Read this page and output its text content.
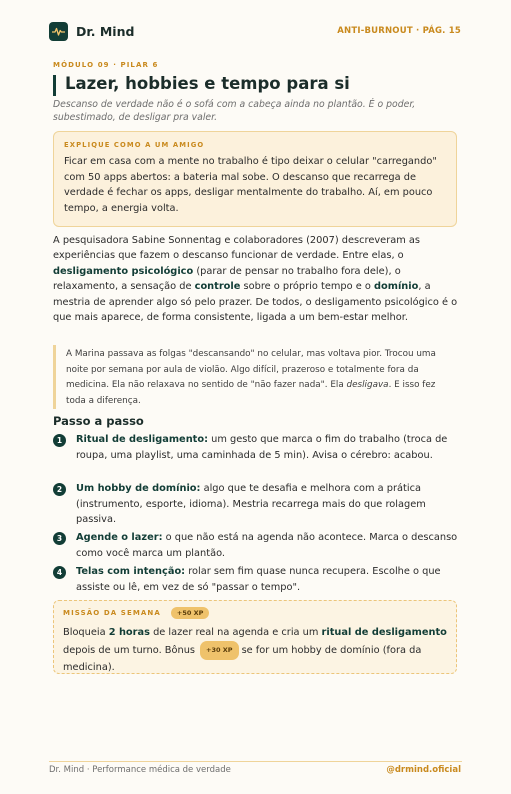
Dr. Mind	ANTI-BURNOUT · PÁG. 15
MÓDULO 09 · PILAR 6
Lazer, hobbies e tempo para si

Descanso de verdade não é o sofá com a cabeça ainda no plantão. É o poder, subestimado, de desligar pra valer.

EXPLIQUE COMO A UM AMIGO

Ficar em casa com a mente no trabalho é tipo deixar o celular "carregando" com 50 apps abertos: a bateria mal sobe. O descanso que recarrega de verdade é fechar os apps, desligar mentalmente do trabalho. Aí, em pouco tempo, a energia volta.

A pesquisadora Sabine Sonnentag e colaboradores (2007) descreveram as experiências que fazem o descanso funcionar de verdade. Entre elas, o desligamento psicológico (parar de pensar no trabalho fora dele), o relaxamento, a sensação de controle sobre o próprio tempo e o domínio, a mestria de aprender algo só pelo prazer. De todos, o desligamento psicológico é o que mais aparece, de forma consistente, ligada a um bem-estar melhor.

A Marina passava as folgas "descansando" no celular, mas voltava pior. Trocou uma noite por semana por aula de violão. Algo difícil, prazeroso e totalmente fora da medicina. Ela não relaxava no sentido de "não fazer nada". Ela desligava. E isso fez toda a diferença.
Passo a passo
1	Ritual de desligamento: um gesto que marca o fim do trabalho (troca de roupa, uma playlist, uma caminhada de 5 min). Avisa o cérebro: acabou.

2	Um hobby de domínio: algo que te desafia e melhora com a prática (instrumento, esporte, idioma). Mestria recarrega mais do que rolagem passiva.

3	Agende o lazer: o que não está na agenda não acontece. Marca o descanso como você marca um plantão.

4	Telas com intenção: rolar sem fim quase nunca recupera. Escolhe o que assiste ou lê, em vez de só "passar o tempo".

MISSÃO DA SEMANA	+50 XP

Bloqueia 2 horas de lazer real na agenda e cria um ritual de desligamento depois de um turno. Bônus +30 XP se for um hobby de domínio (fora da medicina).

Dr. Mind · Performance médica de verdade	@drmind.oficial
